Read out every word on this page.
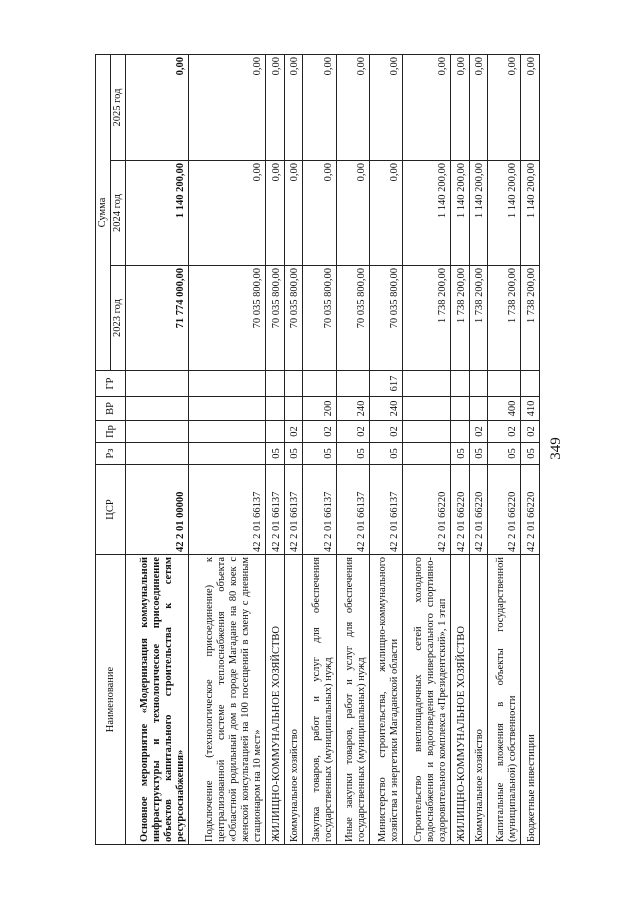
349
Наименование	ЦСР	Рз	Пр	ВР	ГР	Сумма		
						2023 год	2024 год	2025 год
Основное мероприятие «Модернизация коммунальной инфраструктуры и технологическое присоединение объектов капитального строительства к сетям ресурсоснабжения»	42 2 01 00000					71 774 000,00	1 140 200,00	0,00
Подключение (технологическое присоединение) к централизованной системе теплоснабжения объекта «Областной родильный дом в городе Магадане на 80 коек с женской консультацией на 100 посещений в смену с дневным стационаром на 10 мест»	42 2 01 66137					70 035 800,00	0,00	0,00
ЖИЛИЩНО-КОММУНАЛЬНОЕ ХОЗЯЙСТВО	42 2 01 66137	05				70 035 800,00	0,00	0,00
Коммунальное хозяйство	42 2 01 66137	05	02			70 035 800,00	0,00	0,00
Закупка товаров, работ и услуг для обеспечения государственных (муниципальных) нужд	42 2 01 66137	05	02	200		70 035 800,00	0,00	0,00
Иные закупки товаров, работ и услуг для обеспечения государственных (муниципальных) нужд	42 2 01 66137	05	02	240		70 035 800,00	0,00	0,00
Министерство строительства, жилищно-коммунального хозяйства и энергетики Магаданской области	42 2 01 66137	05	02	240	617	70 035 800,00	0,00	0,00
Строительство внеплощадочных сетей холодного водоснабжения и водоотведения универсального спортивно-оздоровительного комплекса «Президентский», 1 этап	42 2 01 66220					1 738 200,00	1 140 200,00	0,00
ЖИЛИЩНО-КОММУНАЛЬНОЕ ХОЗЯЙСТВО	42 2 01 66220	05				1 738 200,00	1 140 200,00	0,00
Коммунальное хозяйство	42 2 01 66220	05	02			1 738 200,00	1 140 200,00	0,00
Капитальные вложения в объекты государственной (муниципальной) собственности	42 2 01 66220	05	02	400		1 738 200,00	1 140 200,00	0,00
Бюджетные инвестиции	42 2 01 66220	05	02	410		1 738 200,00	1 140 200,00	0,00
